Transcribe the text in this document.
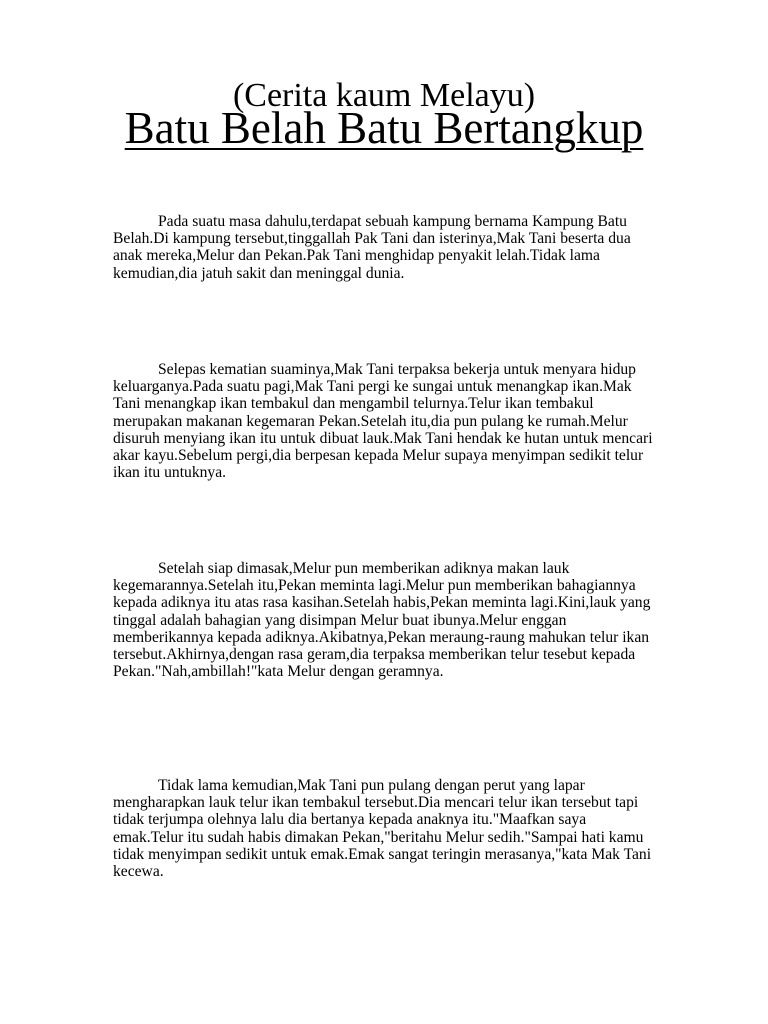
(Cerita kaum Melayu)
Batu Belah Batu Bertangkup

Pada suatu masa dahulu,terdapat sebuah kampung bernama Kampung Batu Belah.Di kampung tersebut,tinggallah Pak Tani dan isterinya,Mak Tani beserta dua anak mereka,Melur dan Pekan.Pak Tani menghidap penyakit lelah.Tidak lama kemudian,dia jatuh sakit dan meninggal dunia.

Selepas kematian suaminya,Mak Tani terpaksa bekerja untuk menyara hidup keluarganya.Pada suatu pagi,Mak Tani pergi ke sungai untuk menangkap ikan.Mak Tani menangkap ikan tembakul dan mengambil telurnya.Telur ikan tembakul merupakan makanan kegemaran Pekan.Setelah itu,dia pun pulang ke rumah.Melur disuruh menyiang ikan itu untuk dibuat lauk.Mak Tani hendak ke hutan untuk mencari akar kayu.Sebelum pergi,dia berpesan kepada Melur supaya menyimpan sedikit telur ikan itu untuknya.

Setelah siap dimasak,Melur pun memberikan adiknya makan lauk kegemarannya.Setelah itu,Pekan meminta lagi.Melur pun memberikan bahagiannya kepada adiknya itu atas rasa kasihan.Setelah habis,Pekan meminta lagi.Kini,lauk yang tinggal adalah bahagian yang disimpan Melur buat ibunya.Melur enggan memberikannya kepada adiknya.Akibatnya,Pekan meraung-raung mahukan telur ikan tersebut.Akhirnya,dengan rasa geram,dia terpaksa memberikan telur tesebut kepada Pekan."Nah,ambillah!"kata Melur dengan geramnya.

Tidak lama kemudian,Mak Tani pun pulang dengan perut yang lapar mengharapkan lauk telur ikan tembakul tersebut.Dia mencari telur ikan tersebut tapi tidak terjumpa olehnya lalu dia bertanya kepada anaknya itu."Maafkan saya emak.Telur itu sudah habis dimakan Pekan,"beritahu Melur sedih."Sampai hati kamu tidak menyimpan sedikit untuk emak.Emak sangat teringin merasanya,"kata Mak Tani kecewa.
